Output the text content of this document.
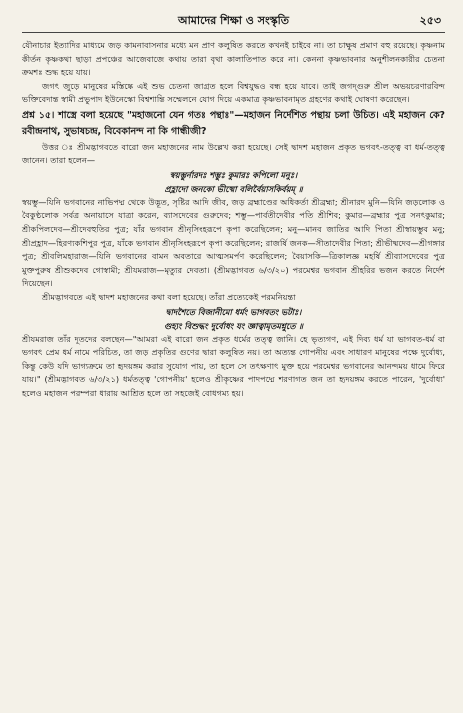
আমাদের শিক্ষা ও সংস্কৃতি	২৫৩

যৌনাচার ইত্যাদির মাধ্যমে জড় কামনাবাসনার মধ্যে মন প্রাণ কলুষিত করতে কখনই চাইবে না। তা চাক্ষুষ প্রমাণ বহু রয়েছে। কৃষ্ণনাম কীর্তন কৃষ্ণকথা ছাড়া প্রপঞ্চের আজেবাজে কথায় তারা বৃথা কালাতিপাত করে না। কেননা কৃষ্ণভাবনার অনুশীলনকারীর চেতনা ক্রমশঃ শুদ্ধ হয়ে যায়।

জগৎ জুড়ে মানুষের মস্তিষ্কে এই শুভ চেতনা জাগ্রত হলে বিশ্বযুদ্ধও বন্ধ হয়ে যাবে। তাই জগদ্গুরু শ্রীল অভয়চরণারবিন্দ ভক্তিবেদান্ত স্বামী প্রভুপাদ ইউনেস্কো বিশ্বশান্তি সম্মেলনে যোগ দিয়ে একমাত্র কৃষ্ণভাবনামৃত গ্রহণের কথাই ঘোষণা করেছেন।

প্রশ্ন ১৫। শাস্ত্রে বলা হয়েছে "মহাজনো যেন গতঃ পন্থাঃ"—মহাজন নির্দেশিত পন্থায় চলা উচিত। এই মহাজন কে? রবীন্দ্রনাথ, সুভাষচন্দ্র, বিবেকানন্দ না কি গান্ধীজী?

উত্তর ঃ শ্রীমদ্ভাগবতে বারো জন মহাজনের নাম উল্লেখ করা হয়েছে। সেই দ্বাদশ মহাজন প্রকৃত ভগবৎ-তত্ত্ব বা ধর্ম-তত্ত্ব জানেন। তারা হলেন—

স্বয়ম্ভুর্নারদঃ শম্ভুঃ কুমারঃ কপিলো মনুঃ।

প্রহ্লাদো জনকো ভীষ্মো বলির্বৈয়াসকির্বয়ম্ ॥

স্বয়ম্ভু—যিনি ভগবানের নাভিপদ্ম থেকে উদ্ভূত, সৃষ্টির আদি জীব, জড় ব্রহ্মাণ্ডের অধিকর্তা শ্রীব্রহ্মা; শ্রীনারদ মুনি—যিনি জড়লোক ও বৈকুণ্ঠলোক সর্বত্র অনায়াসে যাত্রা করেন, ব্যাসদেবের গুরুদেব; শম্ভু—পার্বতীদেবীর পতি শ্রীশিব; কুমার—ব্রহ্মার পুত্র সনৎকুমার; শ্রীকপিলদেব—শ্রীদেবহুতির পুত্র; যাঁর ভগবান শ্রীনৃসিংহরূপে কৃপা করেছিলেন; মনু—মানব জাতির আদি পিতা শ্রীস্বায়ম্ভুব মনু; শ্রীপ্রহ্লাদ—হিরণ্যকশিপুর পুত্র, যাঁকে ভগবান শ্রীনৃসিংহরূপে কৃপা করেছিলেন; রাজর্ষি জনক—সীতাদেবীর পিতা; শ্রীভীষ্মদেব—শ্রীগঙ্গার পুত্র; শ্রীবলিমহারাজ—যিনি ভগবানের বামন অবতারে আত্মসমর্পণ করেছিলেন; বৈয়াসকি—ত্রিকালজ্ঞ মহর্ষি শ্রীব্যাসদেবের পুত্র মুক্তপুরুষ শ্রীশুকদেব গোস্বামী; শ্রীযমরাজ—মৃত্যুর দেবতা। (শ্রীমদ্ভাগবত ৬/৩/২০) পরমেশ্বর ভগবান শ্রীহরির ভজন করতে নির্দেশ দিয়েছেন।

শ্রীমদ্ভাগবতে এই দ্বাদশ মহাজনের কথা বলা হয়েছে। তাঁরা প্রত্যেকেই পরমনিয়ন্তা

দ্বাদশৈতে বিজানীমো ধর্মং ভাগবতং ভটাঃ।

গুহ্যং বিশুদ্ধং দুর্বোধং যং জ্ঞাত্বামৃতমশ্নুতে ॥

শ্রীযমরাজ তাঁর দূতদের বলছেন—"আমরা এই বারো জন প্রকৃত ধর্মের তত্ত্ব জানি। হে ভৃত্যগণ, এই দিব্য ধর্ম যা ভাগবত-ধর্ম বা ভগবৎ প্রেম ধর্ম নামে পরিচিত, তা জড় প্রকৃতির গুণের দ্বারা কলুষিত নয়। তা অত্যন্ত গোপনীয় এবং সাধারণ মানুষের পক্ষে দুর্বোধ্য, কিন্তু কেউ যদি ভাগ্যক্রমে তা হৃদয়ঙ্গম করার সুযোগ পায়, তা হলে সে তৎক্ষণাৎ মুক্ত হয়ে পরমেশ্বর ভগবানের আনন্দময় ধামে ফিরে যায়।" (শ্রীমদ্ভাগবত ৬/৩/২১) ধর্মতত্ত্ব 'গোপনীয়' হলেও শ্রীকৃষ্ণের পাদপদ্মে শরণাগত জন তা হৃদয়ঙ্গম করতে পারেন, 'দুর্বোধ্য' হলেও মহাজন পরম্পরা ধারায় আশ্রিত হলে তা সহজেই বোধগম্য হয়।
